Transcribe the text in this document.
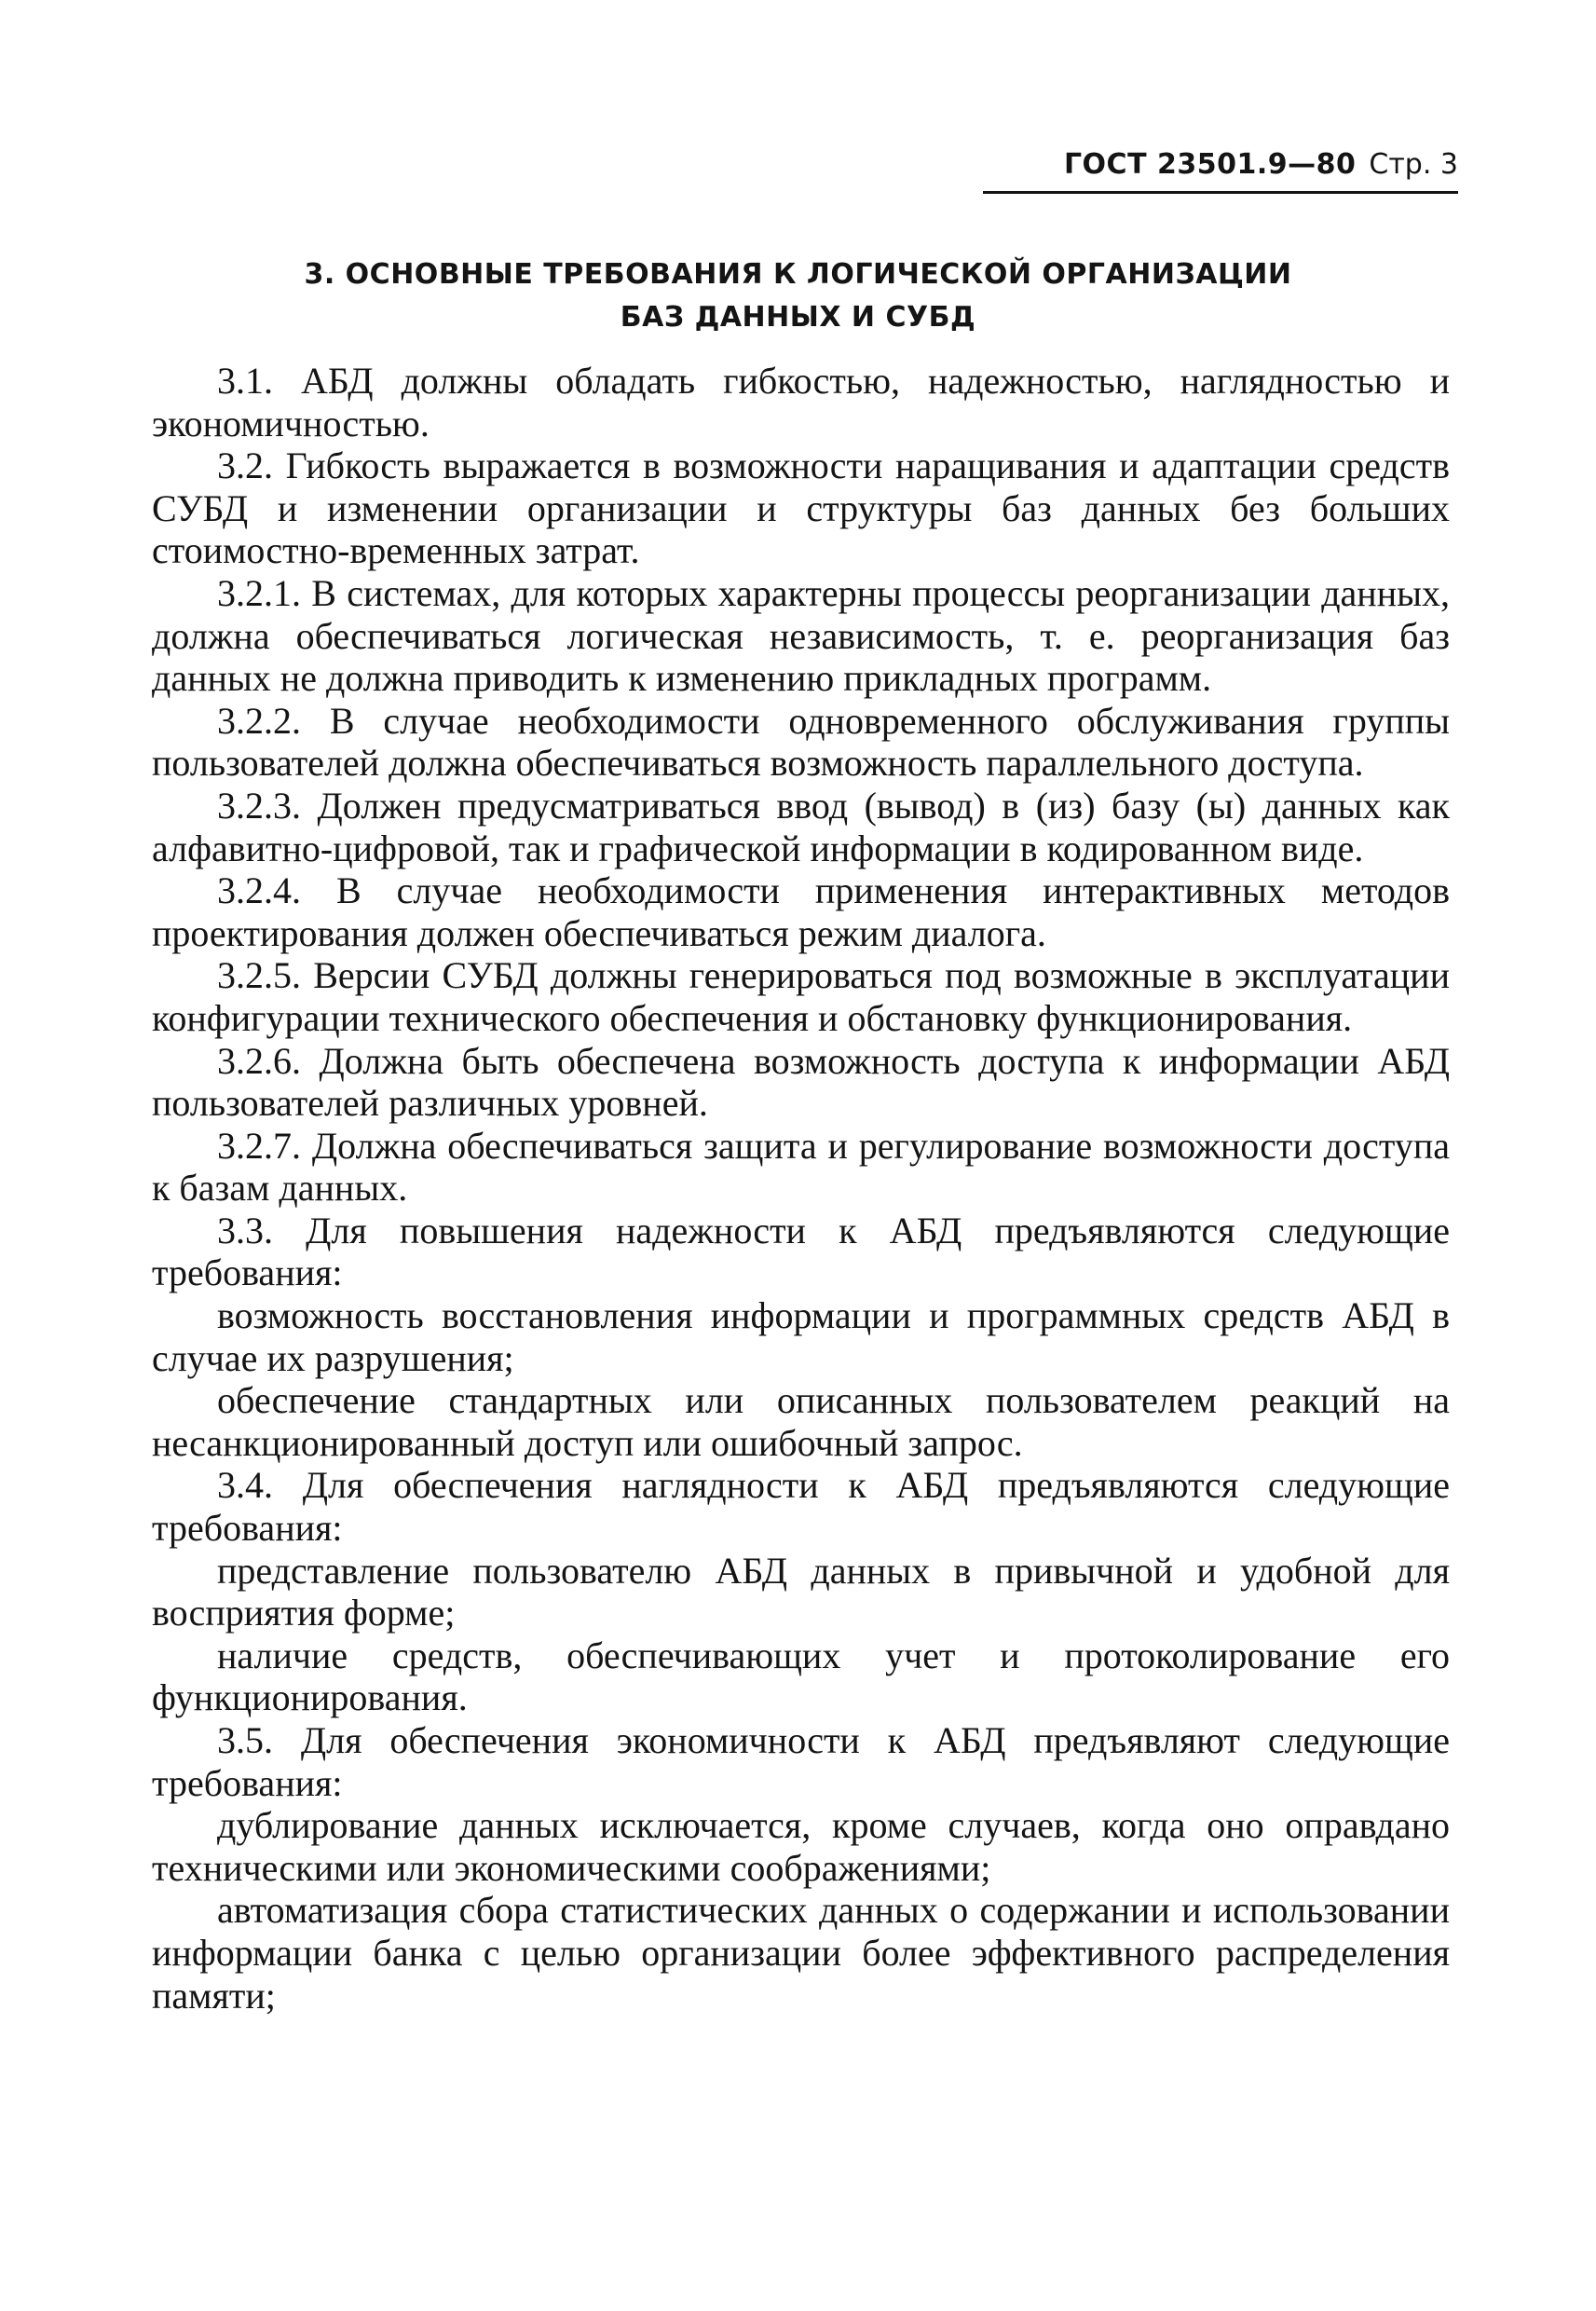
ГОСТ 23501.9—80 Стр. 3
3. ОСНОВНЫЕ ТРЕБОВАНИЯ К ЛОГИЧЕСКОЙ ОРГАНИЗАЦИИ
БАЗ ДАННЫХ И СУБД

3.1. АБД должны обладать гибкостью, надежностью, наглядностью и экономичностью.

3.2. Гибкость выражается в возможности наращивания и адаптации средств СУБД и изменении организации и структуры баз данных без больших стоимостно-временных затрат.

3.2.1. В системах, для которых характерны процессы реорганизации данных, должна обеспечиваться логическая независимость, т. е. реорганизация баз данных не должна приводить к изменению прикладных программ.

3.2.2. В случае необходимости одновременного обслуживания группы пользователей должна обеспечиваться возможность параллельного доступа.

3.2.3. Должен предусматриваться ввод (вывод) в (из) базу (ы) данных как алфавитно-цифровой, так и графической информации в кодированном виде.

3.2.4. В случае необходимости применения интерактивных методов проектирования должен обеспечиваться режим диалога.

3.2.5. Версии СУБД должны генерироваться под возможные в эксплуатации конфигурации технического обеспечения и обстановку функционирования.

3.2.6. Должна быть обеспечена возможность доступа к информации АБД пользователей различных уровней.

3.2.7. Должна обеспечиваться защита и регулирование возможности доступа к базам данных.

3.3. Для повышения надежности к АБД предъявляются следующие требования:

возможность восстановления информации и программных средств АБД в случае их разрушения;

обеспечение стандартных или описанных пользователем реакций на несанкционированный доступ или ошибочный запрос.

3.4. Для обеспечения наглядности к АБД предъявляются следующие требования:

представление пользователю АБД данных в привычной и удобной для восприятия форме;

наличие средств, обеспечивающих учет и протоколирование его функционирования.

3.5. Для обеспечения экономичности к АБД предъявляют следующие требования:

дублирование данных исключается, кроме случаев, когда оно оправдано техническими или экономическими соображениями;

автоматизация сбора статистических данных о содержании и использовании информации банка с целью организации более эффективного распределения памяти;
